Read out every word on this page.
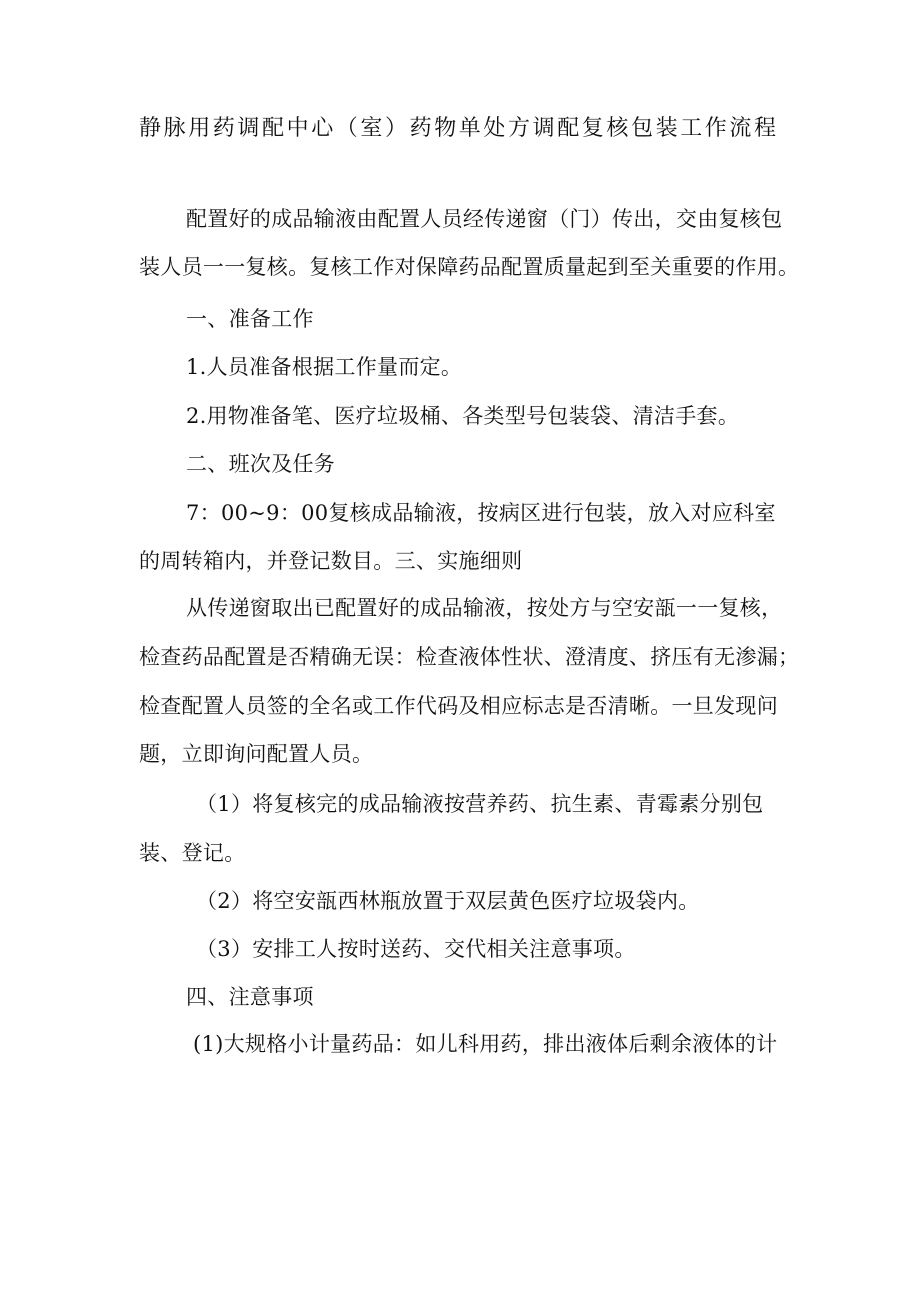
静脉用药调配中心（室）药物单处方调配复核包装工作流程
配置好的成品输液由配置人员经传递窗（门）传出，交由复核包
装人员一一复核。复核工作对保障药品配置质量起到至关重要的作用。
一、准备工作
1.人员准备根据工作量而定。
2.用物准备笔、医疗垃圾桶、各类型号包装袋、清洁手套。
二、班次及任务
7：00~9：00复核成品输液，按病区进行包装，放入对应科室
的周转箱内，并登记数目。三、实施细则
从传递窗取出已配置好的成品输液，按处方与空安瓿一一复核，
检查药品配置是否精确无误：检查液体性状、澄清度、挤压有无渗漏；
检查配置人员签的全名或工作代码及相应标志是否清晰。一旦发现问
题，立即询问配置人员。
（1）将复核完的成品输液按营养药、抗生素、青霉素分别包
装、登记。
（2）将空安瓿西林瓶放置于双层黄色医疗垃圾袋内。
（3）安排工人按时送药、交代相关注意事项。
四、注意事项
(1)大规格小计量药品：如儿科用药，排出液体后剩余液体的计
